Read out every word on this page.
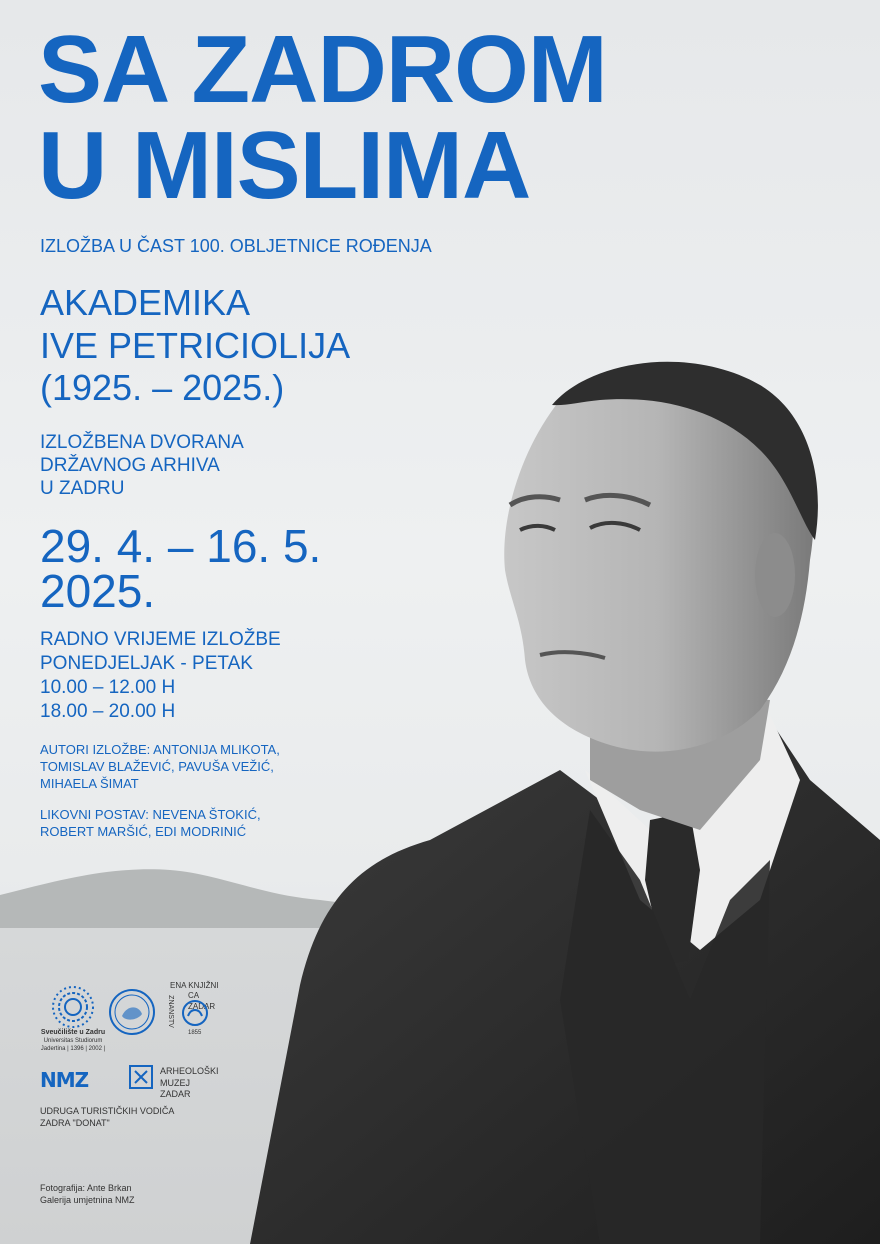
SA ZADROM
U MISLIMA
IZLOŽBA U ČAST 100. OBLJETNICE ROĐENJA
AKADEMIKA
IVE PETRICIOLIJA
(1925. – 2025.)
IZLOŽBENA DVORANA
DRŽAVNOG ARHIVA
U ZADRU
29. 4. – 16. 5.
2025.
RADNO VRIJEME IZLOŽBE
PONEDJELJAK - PETAK
10.00 – 12.00 H
18.00 – 20.00 H
AUTORI IZLOŽBE: ANTONIJA MLIKOTA,
TOMISLAV BLAŽEVIĆ, PAVUŠA VEŽIĆ,
MIHAELA ŠIMAT
LIKOVNI POSTAV: NEVENA ŠTOKIĆ,
ROBERT MARŠIĆ, EDI MODRINIĆ
Sveučilište u Zadru
Universitas Studiorum
Jadertina | 1396 | 2002 |
ENA KNJIŽNI
CA ZADAR
ZNANSTV
1855
NMZ	ARHEOLOŠKI
MUZEJ ZADAR
UDRUGA TURISTIČKIH VODIČA
ZADRA "DONAT"
Fotografija: Ante Brkan
Galerija umjetnina NMZ
